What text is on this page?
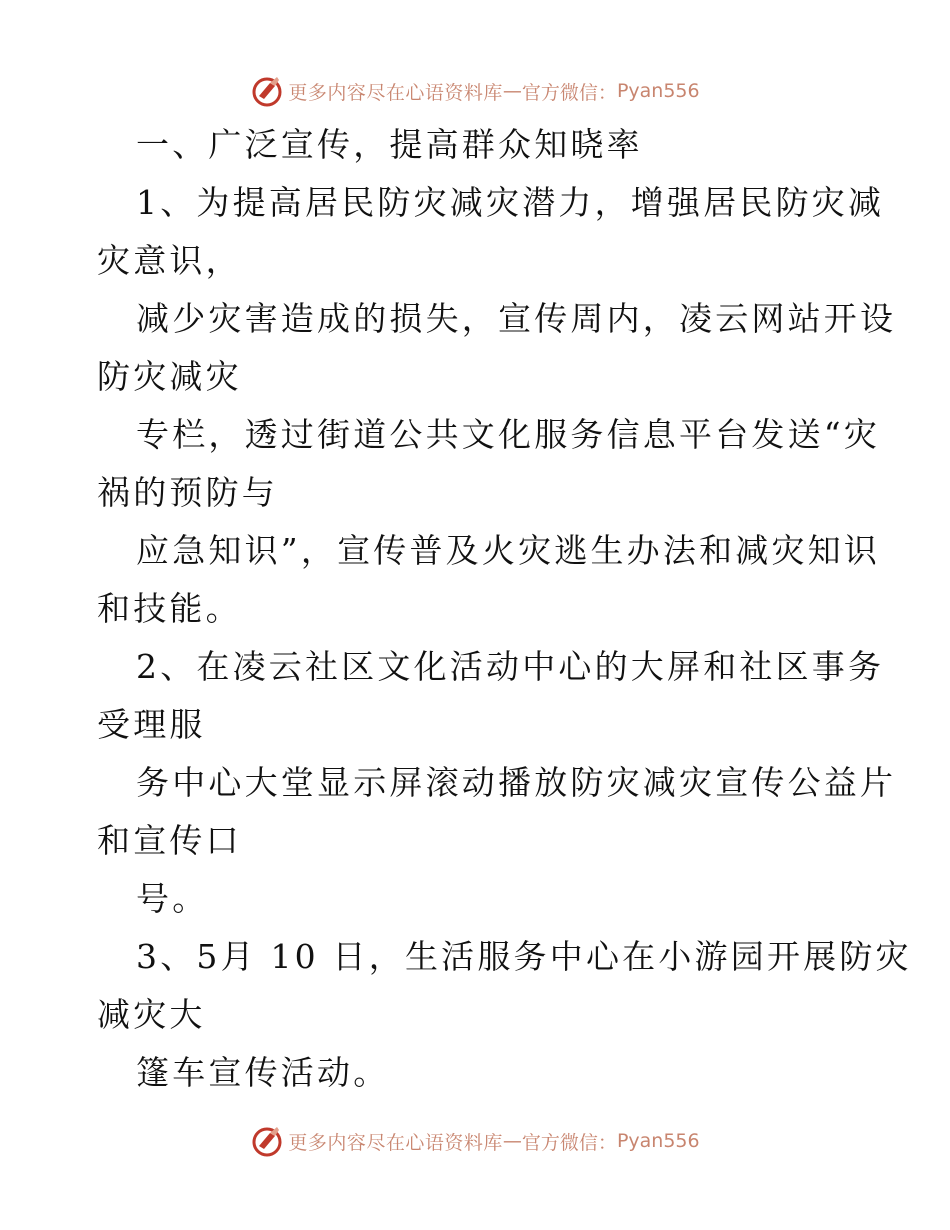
更多内容尽在心语资料库 — 官方微信： Pyan556
一、广泛宣传，提高群众知晓率
1、为提高居民防灾减灾潜力，增强居民防灾减
灾意识，
减少灾害造成的损失，宣传周内，凌云网站开设
防灾减灾
专栏，透过街道公共文化服务信息平台发送“灾
祸的预防与
应急知识”，宣传普及火灾逃生办法和减灾知识
和技能。
2、在凌云社区文化活动中心的大屏和社区事务
受理服
务中心大堂显示屏滚动播放防灾减灾宣传公益片
和宣传口
号。
3、5月 10 日，生活服务中心在小游园开展防灾
减灾大
篷车宣传活动。
更多内容尽在心语资料库 — 官方微信： Pyan556
